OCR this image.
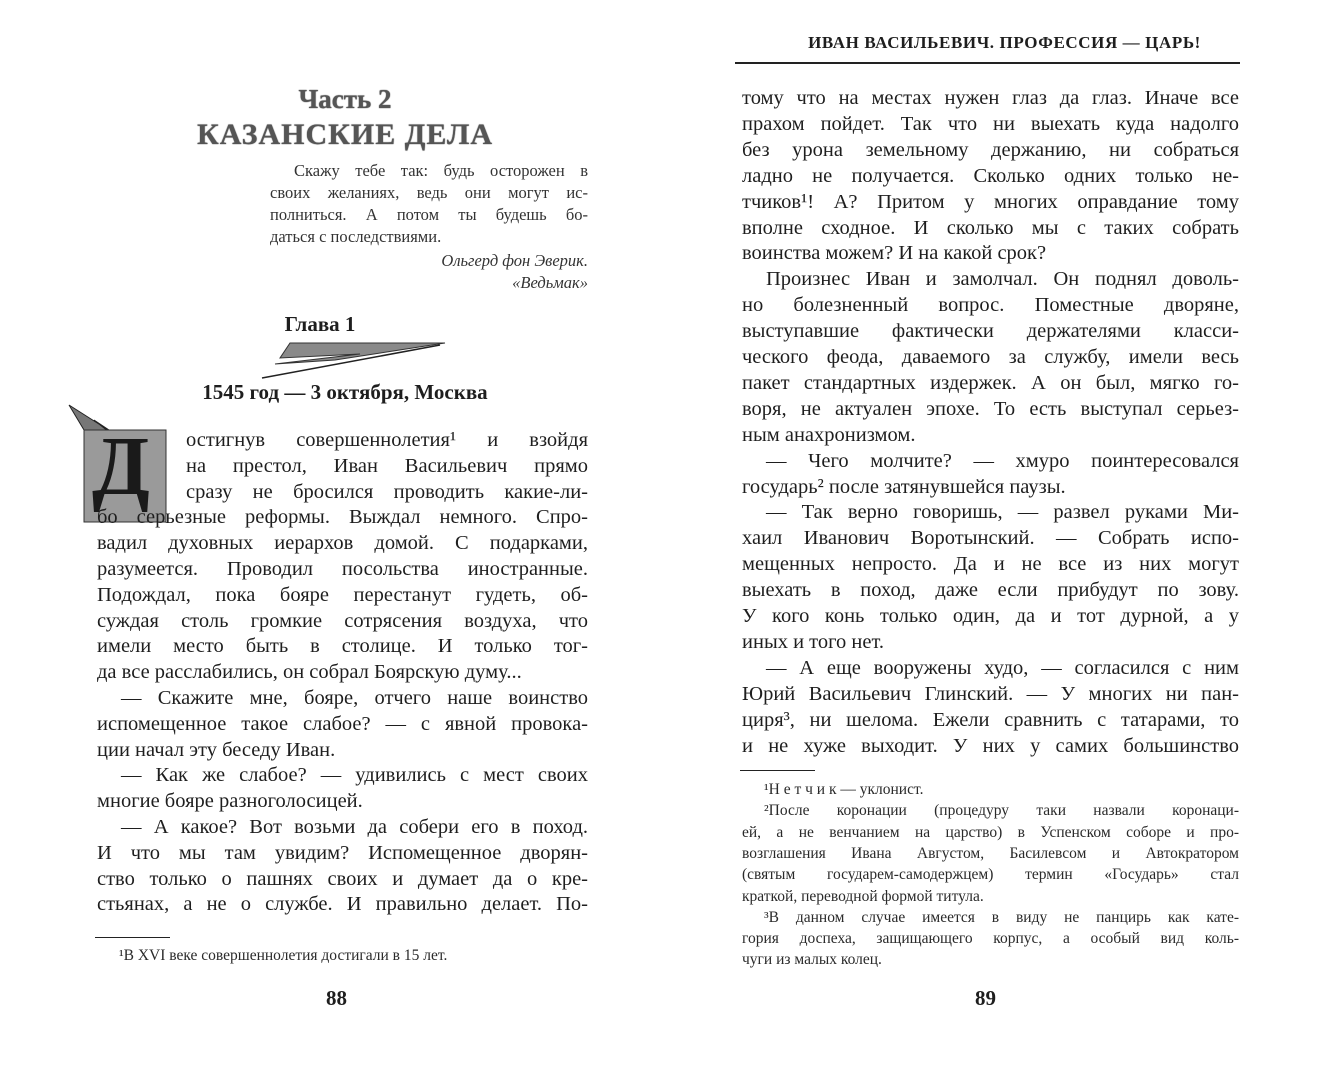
Часть 2
КАЗАНСКИЕ ДЕЛА
Скажу тебе так: будь осторожен в
своих желаниях, ведь они могут ис-
полниться. А потом ты будешь бо-
даться с последствиями.
Ольгерд фон Эверик.
«Ведьмак»
Глава 1
1545 год — 3 октября, Москва
Д остигнув совершеннолетия¹ и взойдя
на престол, Иван Васильевич прямо
сразу не бросился проводить какие-ли-
бо серьезные реформы. Выждал немного. Спро-
вадил духовных иерархов домой. С подарками,
разумеется. Проводил посольства иностранные.
Подождал, пока бояре перестанут гудеть, об-
суждая столь громкие сотрясения воздуха, что
имели место быть в столице. И только тог-
да все расслабились, он собрал Боярскую думу...
— Скажите мне, бояре, отчего наше воинство
испомещенное такое слабое? — с явной провока-
ции начал эту беседу Иван.
— Как же слабое? — удивились с мест своих
многие бояре разноголосицей.
— А какое? Вот возьми да собери его в поход.
И что мы там увидим? Испомещенное дворян-
ство только о пашнях своих и думает да о кре-
стьянах, а не о службе. И правильно делает. По-
¹В XVI веке совершеннолетия достигали в 15 лет.
88
ИВАН ВАСИЛЬЕВИЧ. ПРОФЕССИЯ — ЦАРЬ!
тому что на местах нужен глаз да глаз. Иначе все
прахом пойдет. Так что ни выехать куда надолго
без урона земельному держанию, ни собраться
ладно не получается. Сколько одних только не-
тчиков¹! А? Притом у многих оправдание тому
вполне сходное. И сколько мы с таких собрать
воинства можем? И на какой срок?
Произнес Иван и замолчал. Он поднял доволь-
но болезненный вопрос. Поместные дворяне,
выступавшие фактически держателями класси-
ческого феода, даваемого за службу, имели весь
пакет стандартных издержек. А он был, мягко го-
воря, не актуален эпохе. То есть выступал серьез-
ным анахронизмом.
— Чего молчите? — хмуро поинтересовался
государь² после затянувшейся паузы.
— Так верно говоришь, — развел руками Ми-
хаил Иванович Воротынский. — Собрать испо-
мещенных непросто. Да и не все из них могут
выехать в поход, даже если прибудут по зову.
У кого конь только один, да и тот дурной, а у
иных и того нет.
— А еще вооружены худо, — согласился с ним
Юрий Васильевич Глинский. — У многих ни пан-
циря³, ни шелома. Ежели сравнить с татарами, то
и не хуже выходит. У них у самих большинство
¹Н е т ч и к — уклонист.
²После коронации (процедуру таки назвали коронаци-
ей, а не венчанием на царство) в Успенском соборе и про-
возглашения Ивана Августом, Басилевсом и Автократором
(святым государем-самодержцем) термин «Государь» стал
краткой, переводной формой титула.
³В данном случае имеется в виду не панцирь как кате-
гория доспеха, защищающего корпус, а особый вид коль-
чуги из малых колец.
89
